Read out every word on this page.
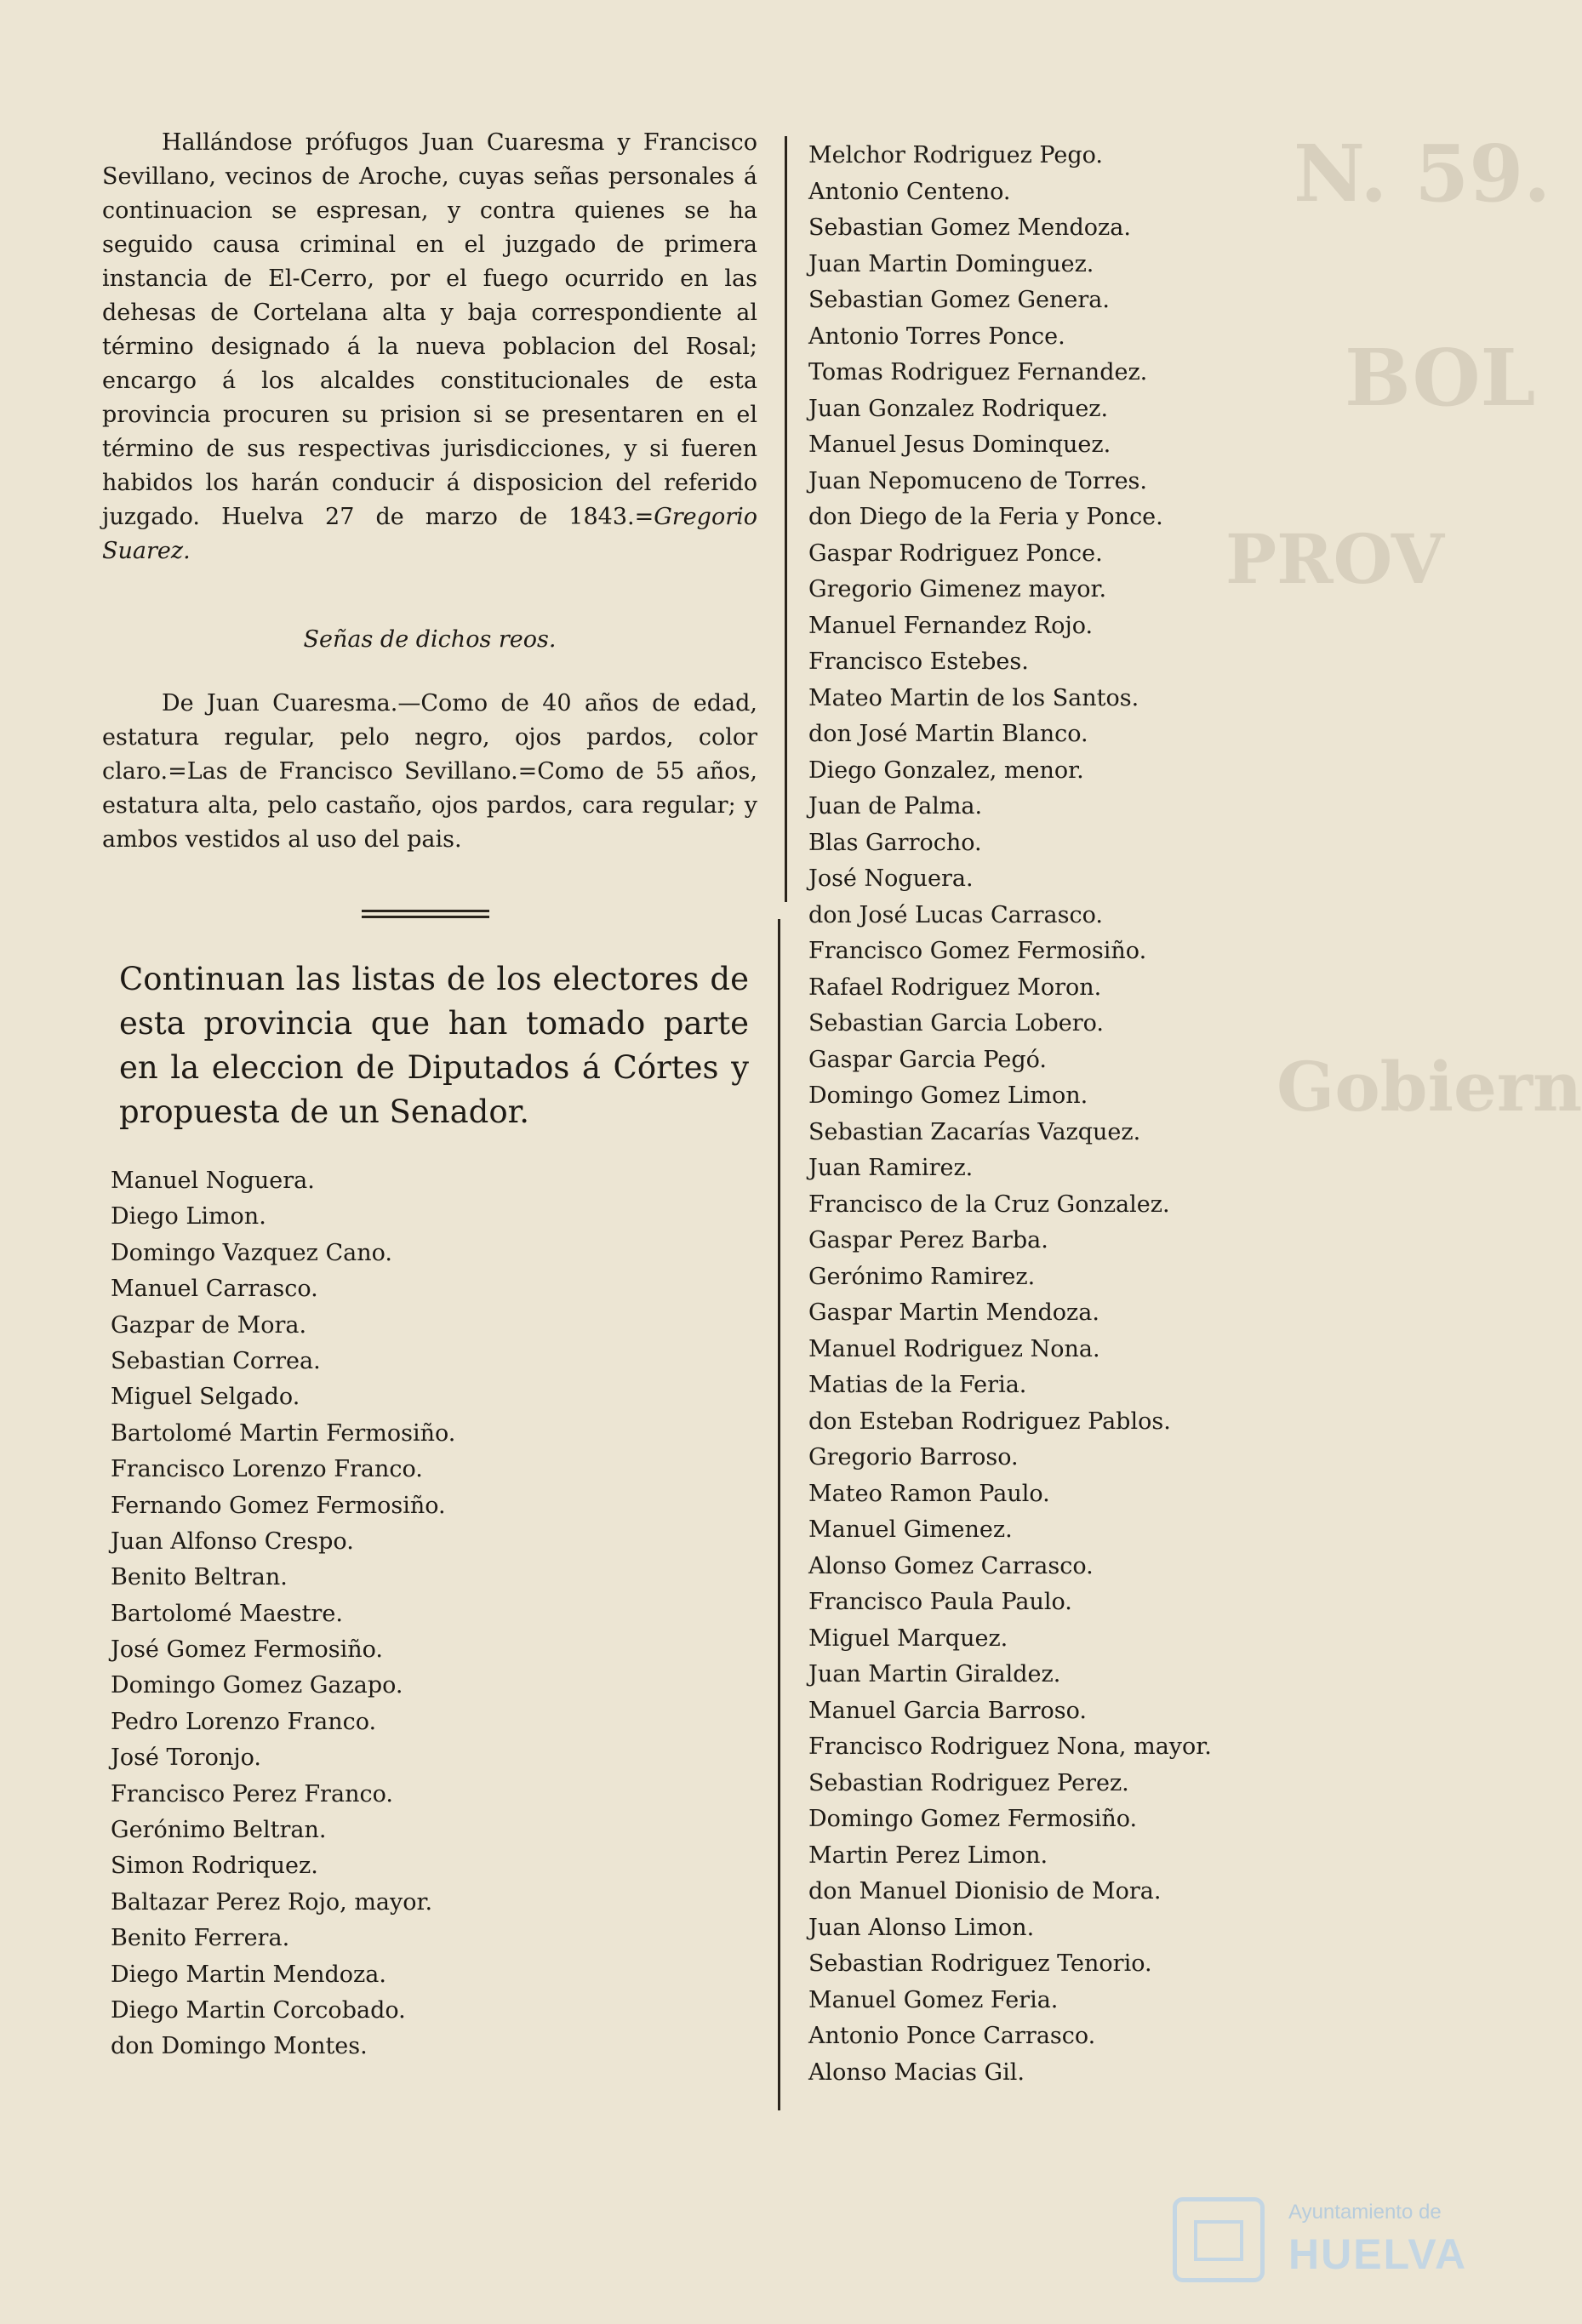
N. 59.
BOL
PROV
Gobiern

Hallándose prófugos Juan Cuaresma y Francisco Sevillano, vecinos de Aroche, cuyas señas personales á continuacion se espresan, y contra quienes se ha seguido causa criminal en el juzgado de primera instancia de El-Cerro, por el fuego ocurrido en las dehesas de Cortelana alta y baja correspondiente al término designado á la nueva poblacion del Rosal; encargo á los alcaldes constitucionales de esta provincia procuren su prision si se presentaren en el término de sus respectivas jurisdicciones, y si fueren habidos los harán conducir á disposicion del referido juzgado. Huelva 27 de marzo de 1843.=Gregorio Suarez.

Señas de dichos reos.

De Juan Cuaresma.—Como de 40 años de edad, estatura regular, pelo negro, ojos pardos, color claro.=Las de Francisco Sevillano.=Como de 55 años, estatura alta, pelo castaño, ojos pardos, cara regular; y ambos vestidos al uso del pais.

Continuan las listas de los electores de esta provincia que han tomado parte en la eleccion de Diputados á Córtes y propuesta de un Senador.
Manuel Noguera.
Diego Limon.
Domingo Vazquez Cano.
Manuel Carrasco.
Gazpar de Mora.
Sebastian Correa.
Miguel Selgado.
Bartolomé Martin Fermosiño.
Francisco Lorenzo Franco.
Fernando Gomez Fermosiño.
Juan Alfonso Crespo.
Benito Beltran.
Bartolomé Maestre.
José Gomez Fermosiño.
Domingo Gomez Gazapo.
Pedro Lorenzo Franco.
José Toronjo.
Francisco Perez Franco.
Gerónimo Beltran.
Simon Rodriquez.
Baltazar Perez Rojo, mayor.
Benito Ferrera.
Diego Martin Mendoza.
Diego Martin Corcobado.
don Domingo Montes.
Melchor Rodriguez Pego.
Antonio Centeno.
Sebastian Gomez Mendoza.
Juan Martin Dominguez.
Sebastian Gomez Genera.
Antonio Torres Ponce.
Tomas Rodriguez Fernandez.
Juan Gonzalez Rodriquez.
Manuel Jesus Dominquez.
Juan Nepomuceno de Torres.
don Diego de la Feria y Ponce.
Gaspar Rodriguez Ponce.
Gregorio Gimenez mayor.
Manuel Fernandez Rojo.
Francisco Estebes.
Mateo Martin de los Santos.
don José Martin Blanco.
Diego Gonzalez, menor.
Juan de Palma.
Blas Garrocho.
José Noguera.
don José Lucas Carrasco.
Francisco Gomez Fermosiño.
Rafael Rodriguez Moron.
Sebastian Garcia Lobero.
Gaspar Garcia Pegó.
Domingo Gomez Limon.
Sebastian Zacarías Vazquez.
Juan Ramirez.
Francisco de la Cruz Gonzalez.
Gaspar Perez Barba.
Gerónimo Ramirez.
Gaspar Martin Mendoza.
Manuel Rodriguez Nona.
Matias de la Feria.
don Esteban Rodriguez Pablos.
Gregorio Barroso.
Mateo Ramon Paulo.
Manuel Gimenez.
Alonso Gomez Carrasco.
Francisco Paula Paulo.
Miguel Marquez.
Juan Martin Giraldez.
Manuel Garcia Barroso.
Francisco Rodriguez Nona, mayor.
Sebastian Rodriguez Perez.
Domingo Gomez Fermosiño.
Martin Perez Limon.
don Manuel Dionisio de Mora.
Juan Alonso Limon.
Sebastian Rodriguez Tenorio.
Manuel Gomez Feria.
Antonio Ponce Carrasco.
Alonso Macias Gil.
Ayuntamiento de
HUELVA
